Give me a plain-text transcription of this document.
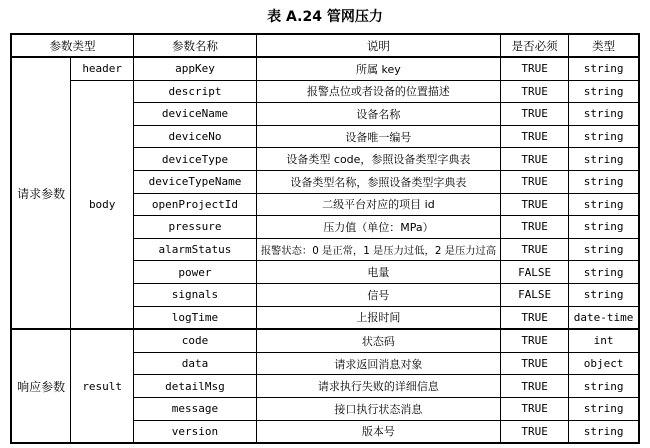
表 A.24 管网压力
参数类型		参数名称	说明	是否必须	类型
请求参数	header	appKey	所属 key	TRUE	string
	body	descript	报警点位或者设备的位置描述	TRUE	string
		deviceName	设备名称	TRUE	string
		deviceNo	设备唯一编号	TRUE	string
		deviceType	设备类型 code，参照设备类型字典表	TRUE	string
		deviceTypeName	设备类型名称，参照设备类型字典表	TRUE	string
		openProjectId	二级平台对应的项目 id	TRUE	string
		pressure	压力值（单位：MPa）	TRUE	string
		alarmStatus	报警状态：0 是正常，1 是压力过低，2 是压力过高	TRUE	string
		power	电量	FALSE	string
		signals	信号	FALSE	string
		logTime	上报时间	TRUE	date-time
响应参数	result	code	状态码	TRUE	int
		data	请求返回消息对象	TRUE	object
		detailMsg	请求执行失败的详细信息	TRUE	string
		message	接口执行状态消息	TRUE	string
		version	版本号	TRUE	string
